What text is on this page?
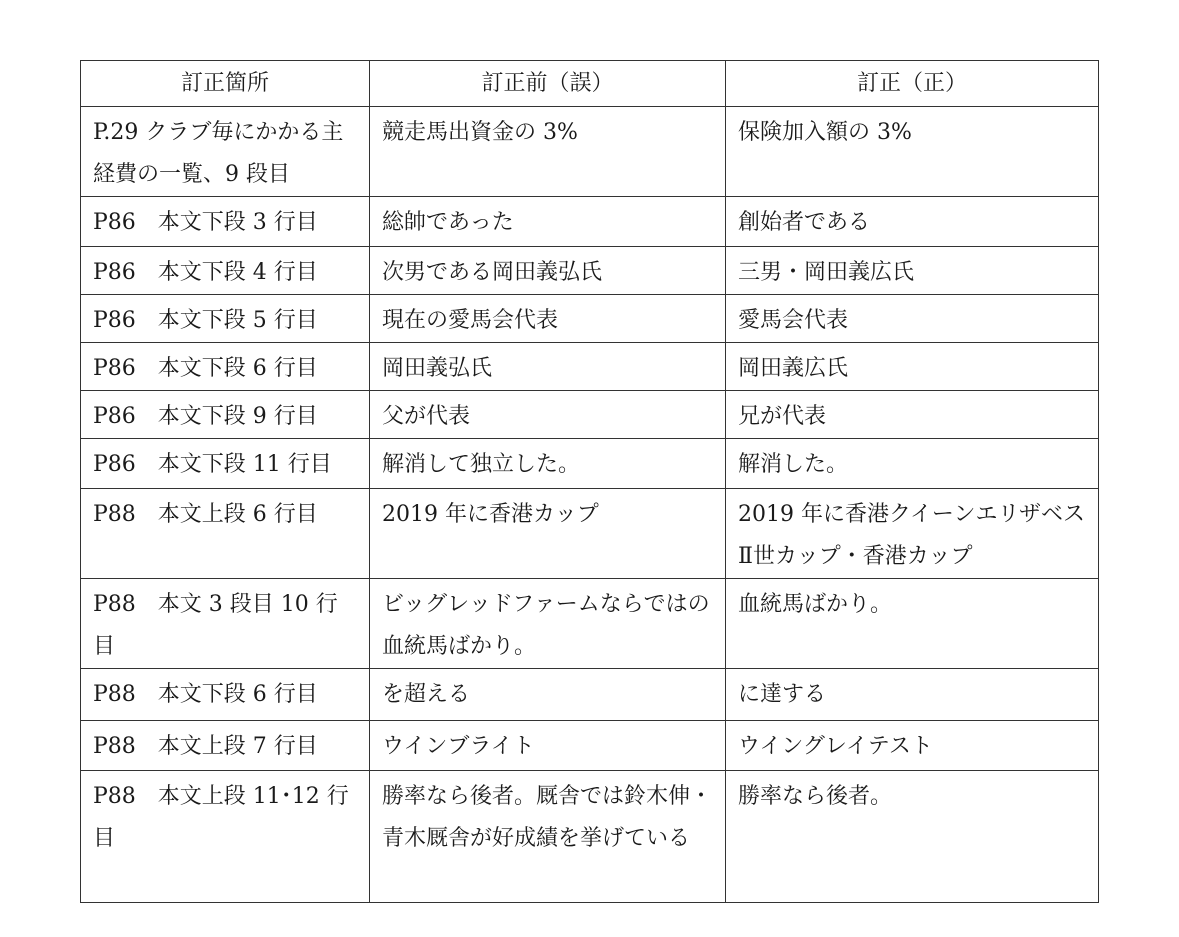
訂正箇所	訂正前（誤）	訂正（正）
P.29 クラブ毎にかかる主経費の一覧、9 段目	競走馬出資金の 3%	保険加入額の 3%
P86　本文下段 3 行目	総帥であった	創始者である
P86　本文下段 4 行目	次男である岡田義弘氏	三男・岡田義広氏
P86　本文下段 5 行目	現在の愛馬会代表	愛馬会代表
P86　本文下段 6 行目	岡田義弘氏	岡田義広氏
P86　本文下段 9 行目	父が代表	兄が代表
P86　本文下段 11 行目	解消して独立した。	解消した。
P88　本文上段 6 行目	2019 年に香港カップ	2019 年に香港クイーンエリザベスⅡ世カップ・香港カップ
P88　本文 3 段目 10 行目	ビッグレッドファームならではの血統馬ばかり。	血統馬ばかり。
P88　本文下段 6 行目	を超える	に達する
P88　本文上段 7 行目	ウインブライト	ウイングレイテスト
P88　本文上段 11･12 行目	勝率なら後者。厩舎では鈴木伸・青木厩舎が好成績を挙げている	勝率なら後者。
